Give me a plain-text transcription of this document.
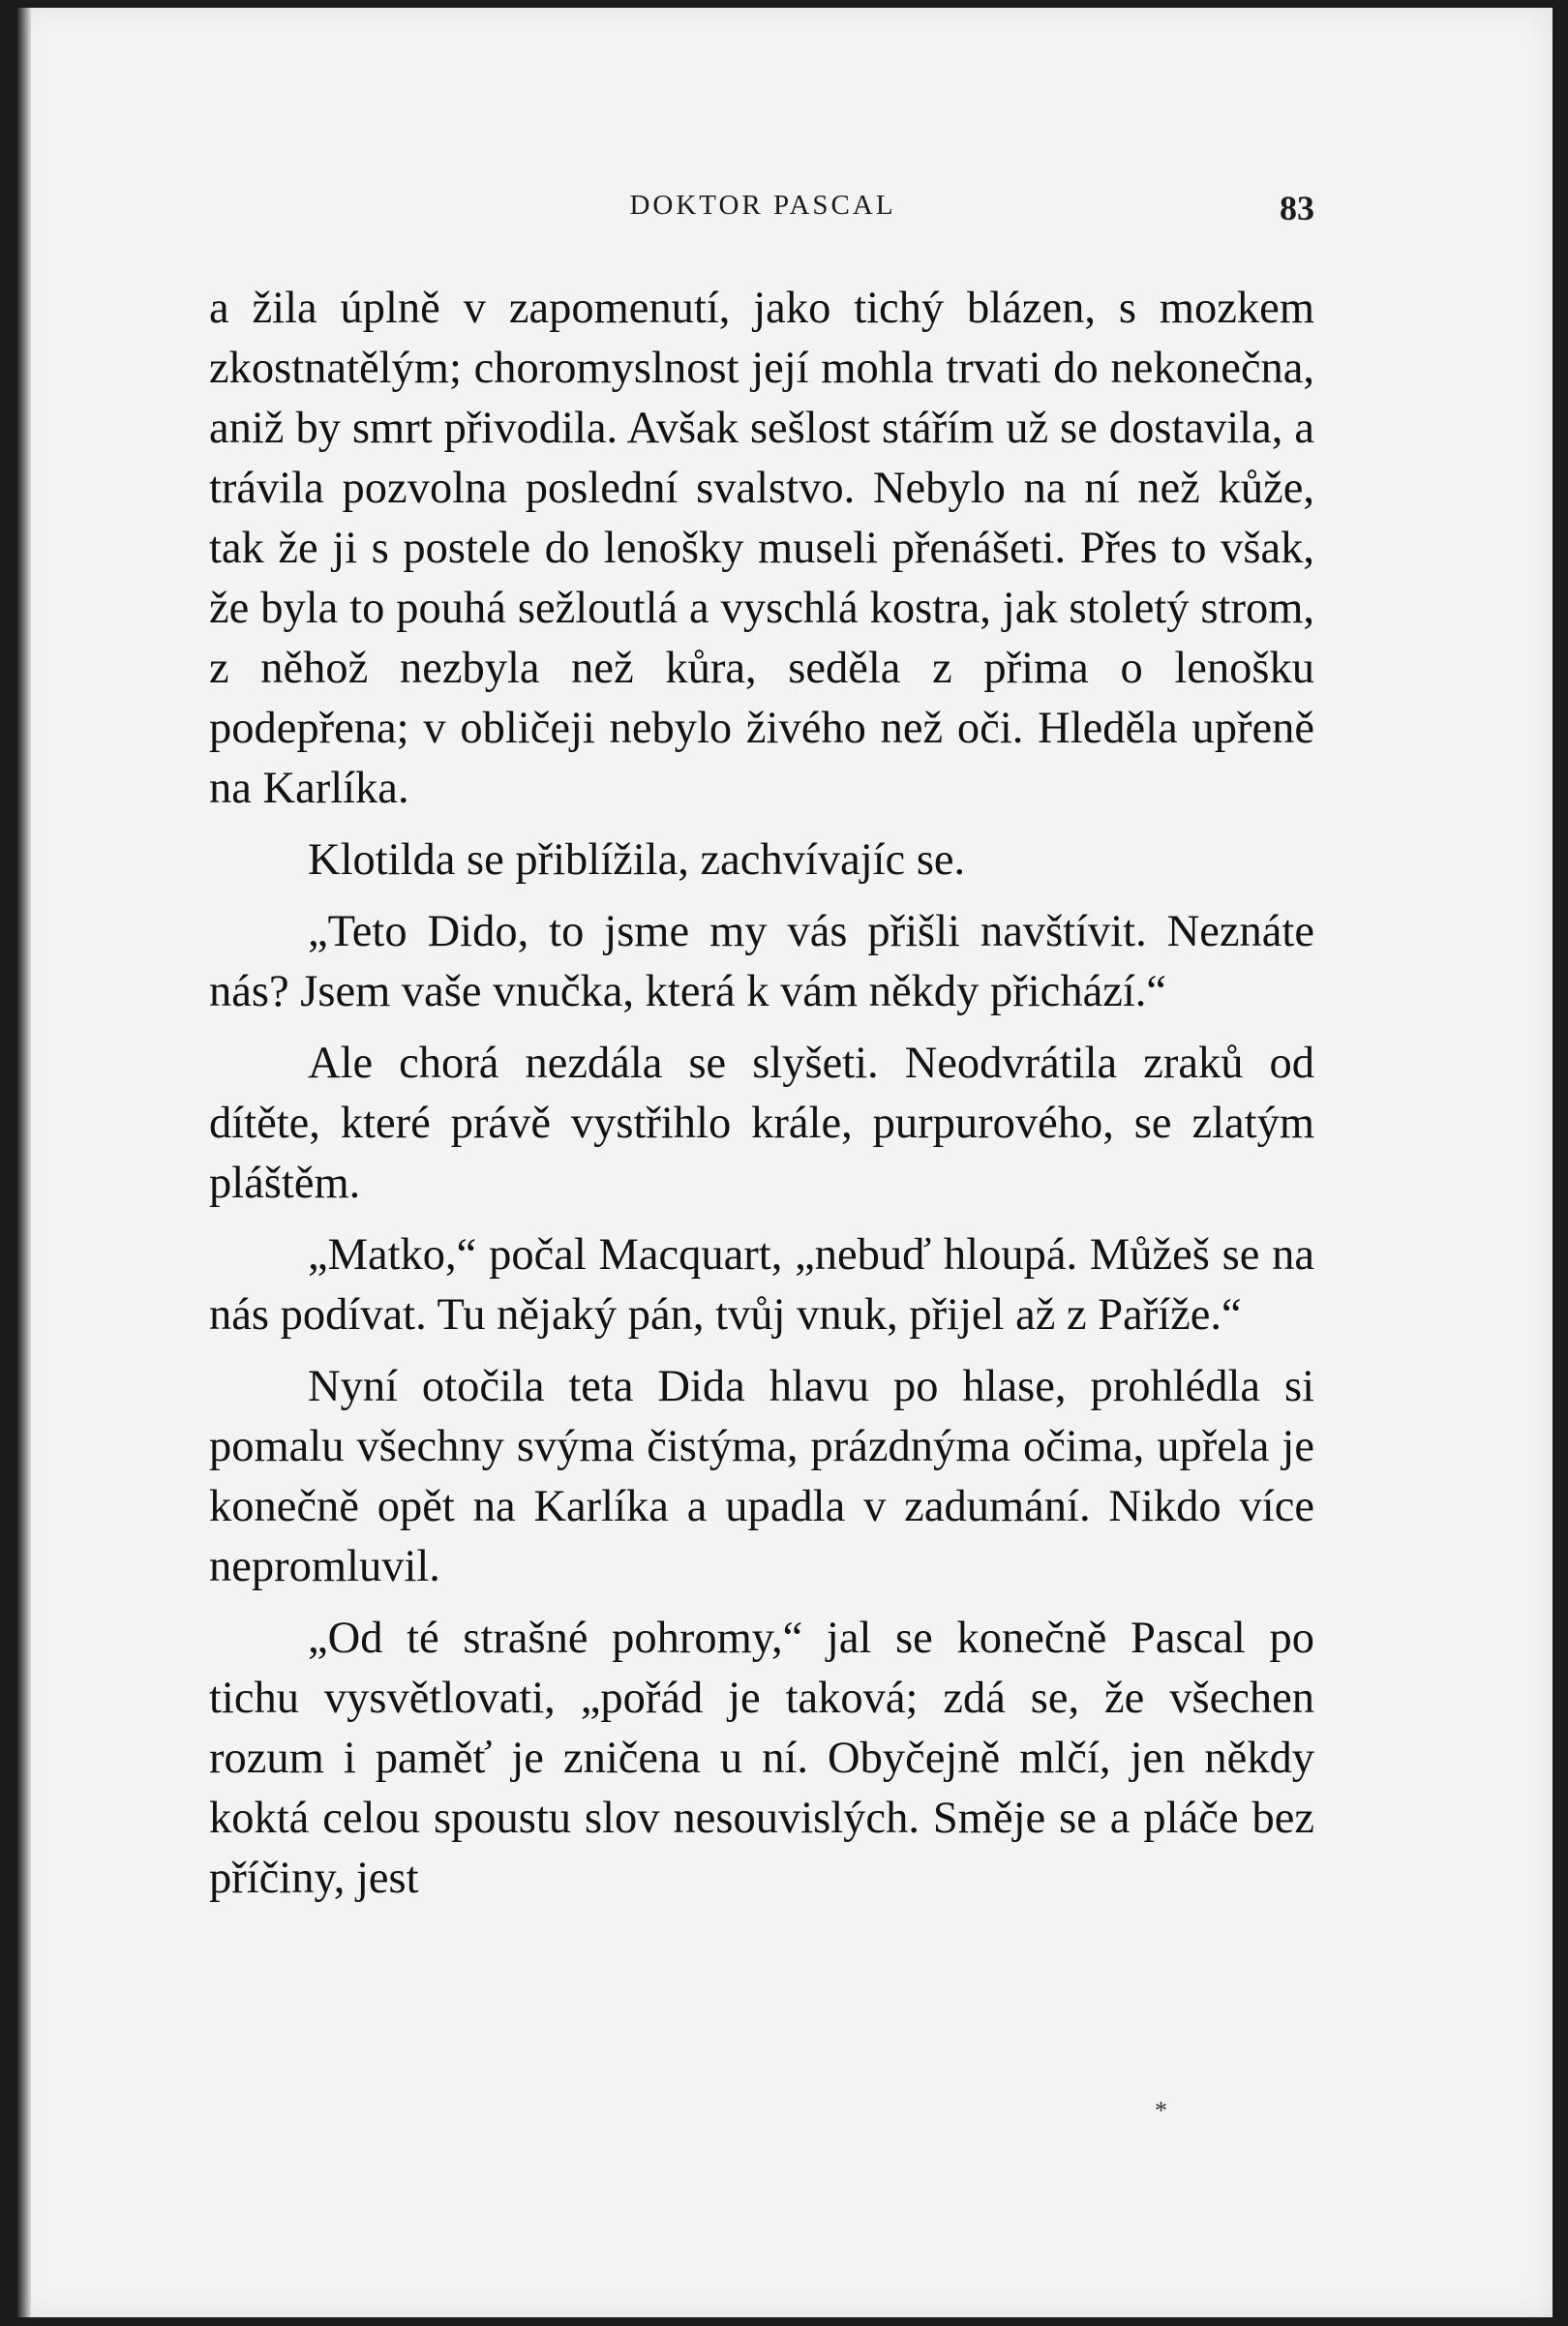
DOKTOR PASCAL	83

a žila úplně v zapomenutí, jako tichý blázen, s mozkem zkostnatělým; choromyslnost její mohla trvati do nekonečna, aniž by smrt přivodila. Avšak sešlost stářím už se dostavila, a trávila pozvolna poslední svalstvo. Nebylo na ní než kůže, tak že ji s postele do lenošky museli přenášeti. Přes to však, že byla to pouhá sežloutlá a vyschlá kostra, jak stoletý strom, z něhož nezbyla než kůra, seděla z přima o lenošku podepřena; v obličeji nebylo živého než oči. Hleděla upřeně na Karlíka.

Klotilda se přiblížila, zachvívajíc se.

„Teto Dido, to jsme my vás přišli navštívit. Neznáte nás? Jsem vaše vnučka, která k vám někdy přichází.“

Ale chorá nezdála se slyšeti. Neodvrátila zraků od dítěte, které právě vystřihlo krále, purpurového, se zlatým pláštěm.

„Matko,“ počal Macquart, „nebuď hloupá. Můžeš se na nás podívat. Tu nějaký pán, tvůj vnuk, přijel až z Paříže.“

Nyní otočila teta Dida hlavu po hlase, prohlédla si pomalu všechny svýma čistýma, prázdnýma očima, upřela je konečně opět na Karlíka a upadla v zadumání. Nikdo více nepromluvil.

„Od té strašné pohromy,“ jal se konečně Pascal po tichu vysvětlovati, „pořád je taková; zdá se, že všechen rozum i paměť je zničena u ní. Obyčejně mlčí, jen někdy koktá celou spoustu slov nesouvislých. Směje se a pláče bez příčiny, jest

*
